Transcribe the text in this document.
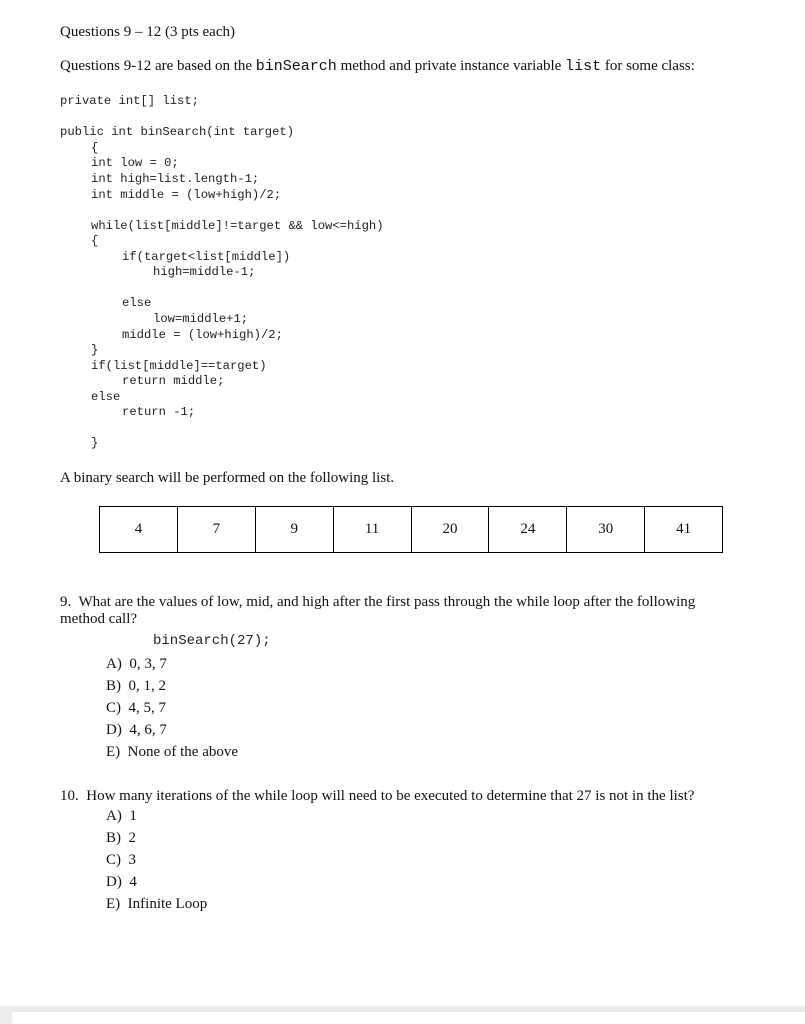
Questions 9 – 12 (3 pts each)
Questions 9-12 are based on the binSearch method and private instance variable list for some class:
private int[] list;
public int binSearch(int target)
{
int low = 0;
int high=list.length-1;
int middle = (low+high)/2;
while(list[middle]!=target && low<=high)
{
if(target<list[middle])
high=middle-1;
else
low=middle+1;
middle = (low+high)/2;
}
if(list[middle]==target)
return middle;
else
return -1;
}
A binary search will be performed on the following list.
4	7	9	11	20	24	30	41
9.  What are the values of low, mid, and high after the first pass through the while loop after the following
method call?
binSearch(27);
A)  0, 3, 7
B)  0, 1, 2
C)  4, 5, 7
D)  4, 6, 7
E)  None of the above
10.  How many iterations of the while loop will need to be executed to determine that 27 is not in the list?
A)  1
B)  2
C)  3
D)  4
E)  Infinite Loop
